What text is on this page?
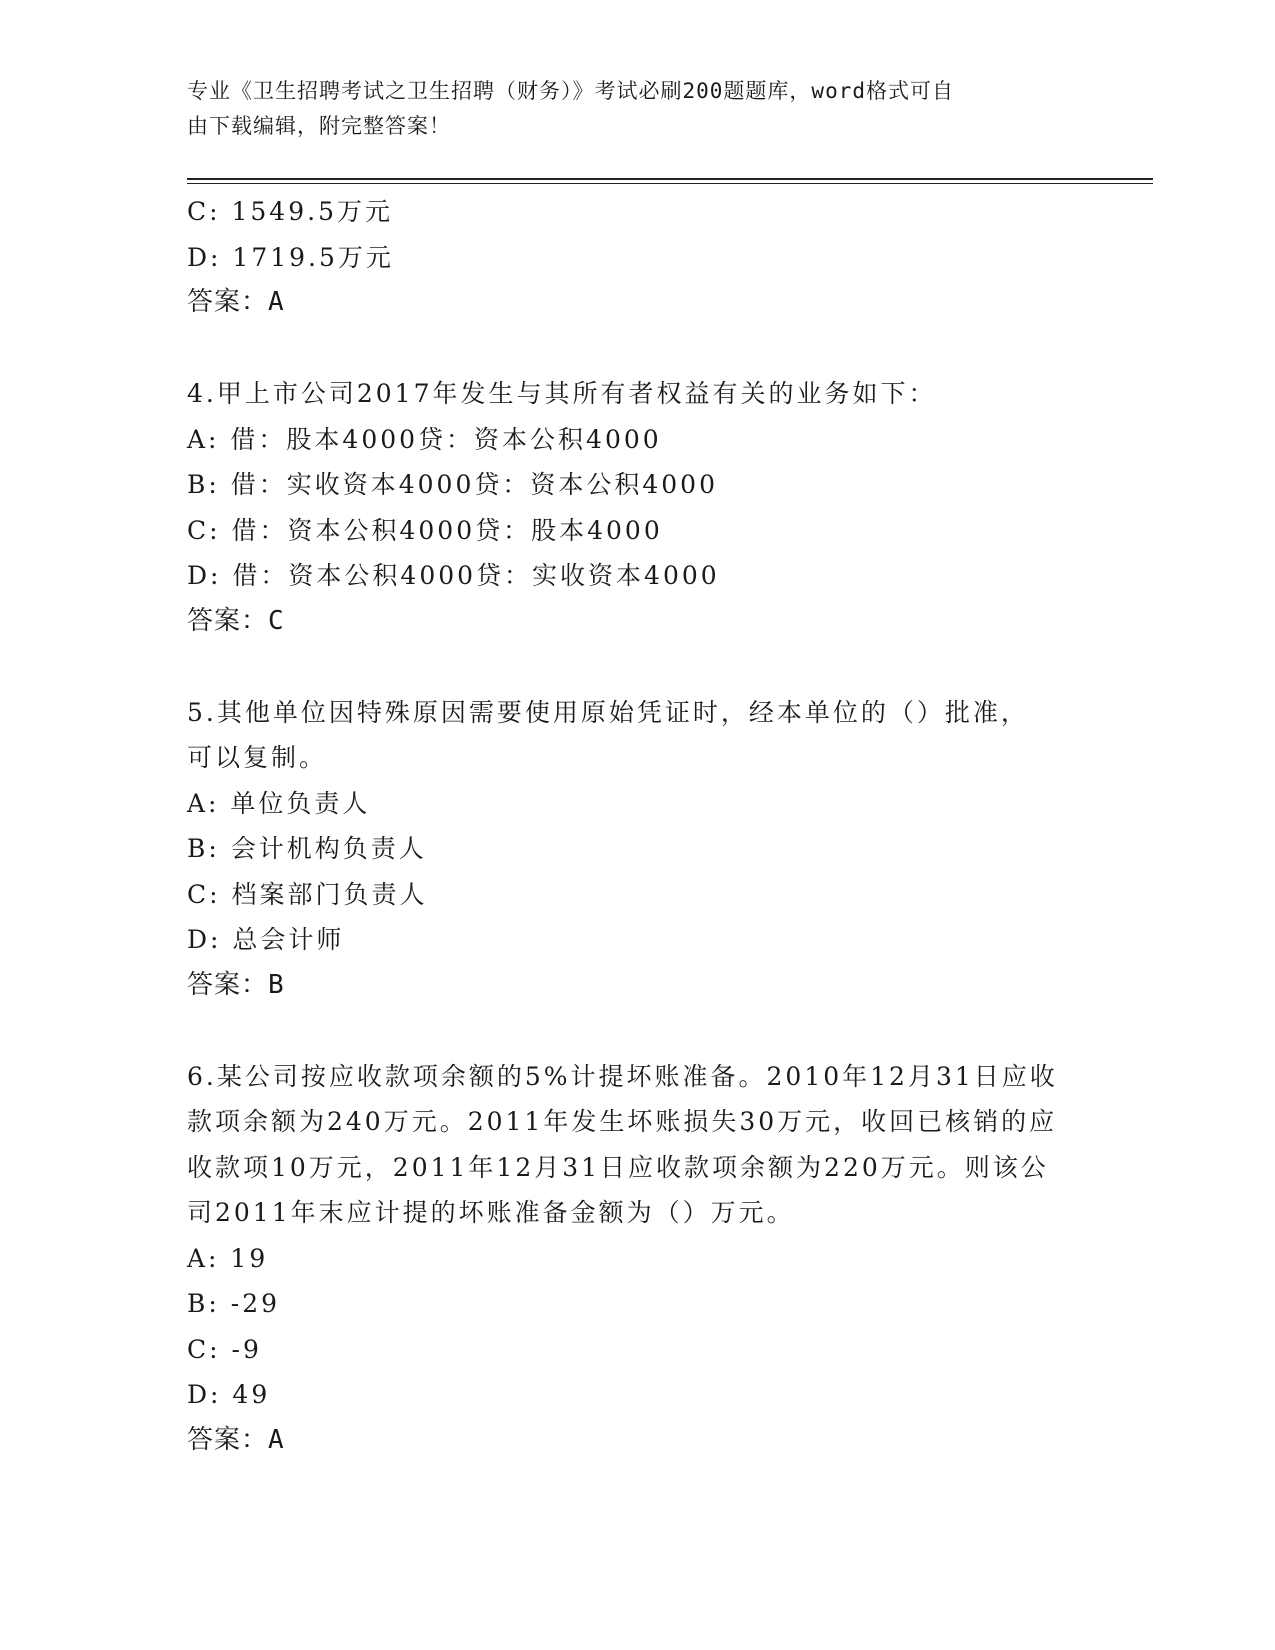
专业《卫生招聘考试之卫生招聘（财务）》考试必刷200题题库，word格式可自
由下载编辑，附完整答案！
C: 1549.5万元
D: 1719.5万元
答案：A
4.甲上市公司2017年发生与其所有者权益有关的业务如下：
A: 借：股本4000贷：资本公积4000
B: 借：实收资本4000贷：资本公积4000
C: 借：资本公积4000贷：股本4000
D: 借：资本公积4000贷：实收资本4000
答案：C
5.其他单位因特殊原因需要使用原始凭证时，经本单位的（）批准，
可以复制。
A: 单位负责人
B: 会计机构负责人
C: 档案部门负责人
D: 总会计师
答案：B
6.某公司按应收款项余额的5%计提坏账准备。2010年12月31日应收
款项余额为240万元。2011年发生坏账损失30万元，收回已核销的应
收款项10万元，2011年12月31日应收款项余额为220万元。则该公
司2011年末应计提的坏账准备金额为（）万元。
A: 19
B: -29
C: -9
D: 49
答案：A
